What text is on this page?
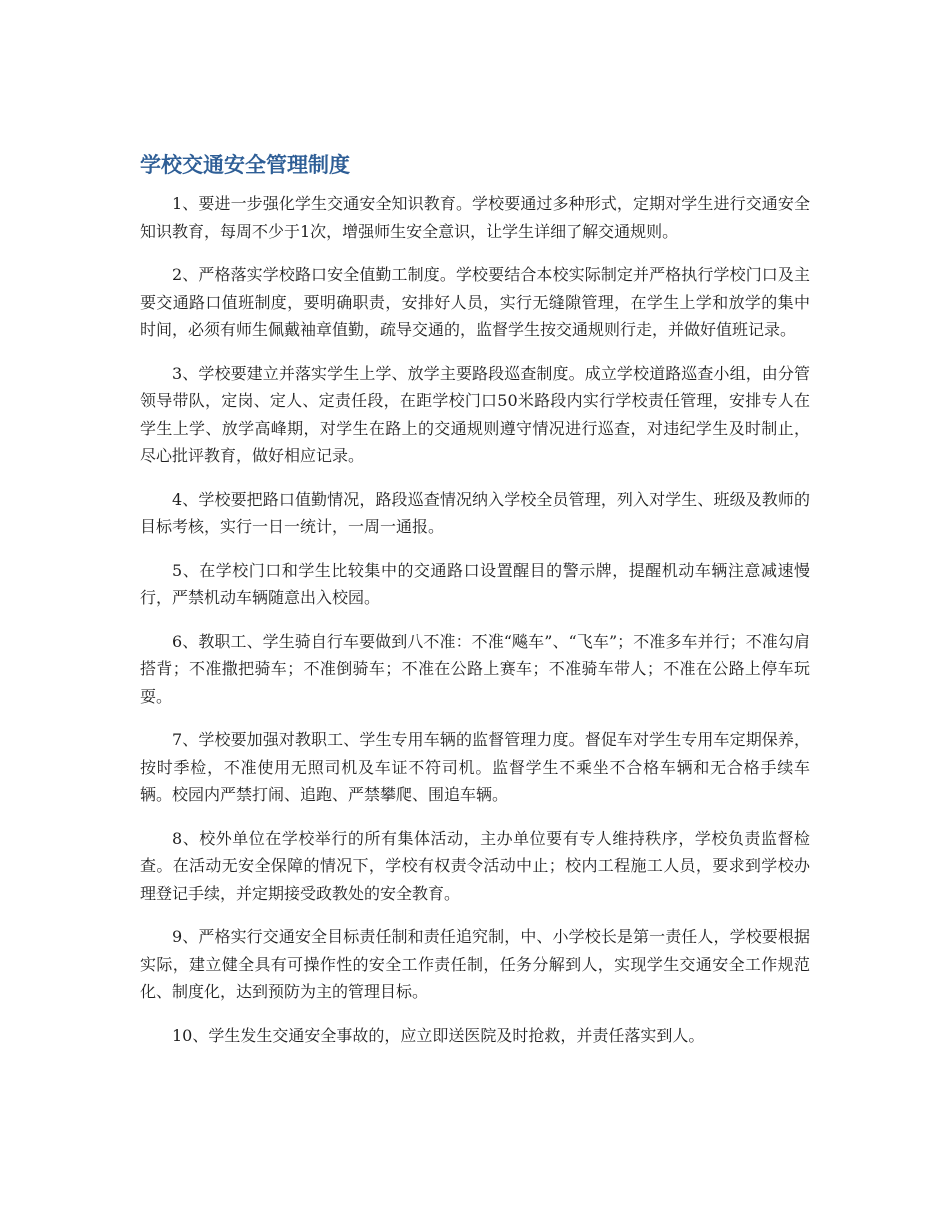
学校交通安全管理制度

1、要进一步强化学生交通安全知识教育。学校要通过多种形式，定期对学生进行交通安全知识教育，每周不少于1次，增强师生安全意识，让学生详细了解交通规则。

2、严格落实学校路口安全值勤工制度。学校要结合本校实际制定并严格执行学校门口及主要交通路口值班制度，要明确职责，安排好人员，实行无缝隙管理，在学生上学和放学的集中时间，必须有师生佩戴袖章值勤，疏导交通的，监督学生按交通规则行走，并做好值班记录。

3、学校要建立并落实学生上学、放学主要路段巡查制度。成立学校道路巡查小组，由分管领导带队，定岗、定人、定责任段，在距学校门口50米路段内实行学校责任管理，安排专人在学生上学、放学高峰期，对学生在路上的交通规则遵守情况进行巡查，对违纪学生及时制止，尽心批评教育，做好相应记录。

4、学校要把路口值勤情况，路段巡查情况纳入学校全员管理，列入对学生、班级及教师的目标考核，实行一日一统计，一周一通报。

5、在学校门口和学生比较集中的交通路口设置醒目的警示牌，提醒机动车辆注意减速慢行，严禁机动车辆随意出入校园。

6、教职工、学生骑自行车要做到八不准：不准“飚车”、“飞车”；不准多车并行；不准勾肩搭背；不准撒把骑车；不准倒骑车；不准在公路上赛车；不准骑车带人；不准在公路上停车玩耍。

7、学校要加强对教职工、学生专用车辆的监督管理力度。督促车对学生专用车定期保养，按时季检，不准使用无照司机及车证不符司机。监督学生不乘坐不合格车辆和无合格手续车辆。校园内严禁打闹、追跑、严禁攀爬、围追车辆。

8、校外单位在学校举行的所有集体活动，主办单位要有专人维持秩序，学校负责监督检查。在活动无安全保障的情况下，学校有权责令活动中止；校内工程施工人员，要求到学校办理登记手续，并定期接受政教处的安全教育。

9、严格实行交通安全目标责任制和责任追究制，中、小学校长是第一责任人，学校要根据实际，建立健全具有可操作性的安全工作责任制，任务分解到人，实现学生交通安全工作规范化、制度化，达到预防为主的管理目标。

10、学生发生交通安全事故的，应立即送医院及时抢救，并责任落实到人。
